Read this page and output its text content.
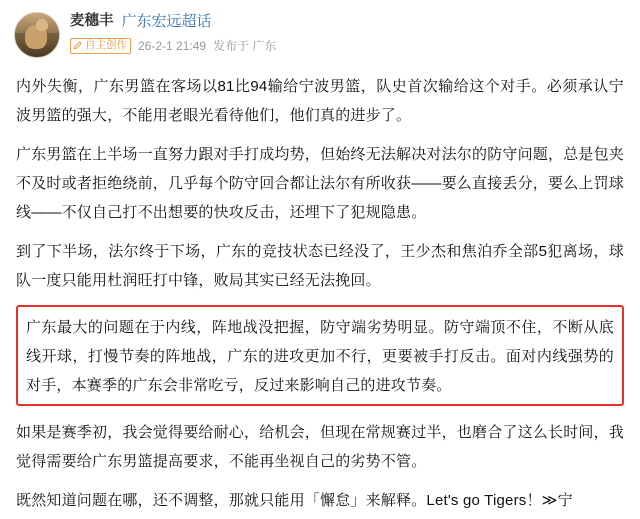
麦穗丰 广东宏远超话
自主创作 26-2-1 21:49 发布于 广东

内外失衡，广东男篮在客场以81比94输给宁波男篮，队史首次输给这个对手。必须承认宁波男篮的强大，不能用老眼光看待他们，他们真的进步了。

广东男篮在上半场一直努力跟对手打成均势，但始终无法解决对法尔的防守问题，总是包夹不及时或者拒绝绕前，几乎每个防守回合都让法尔有所收获——要么直接丢分，要么上罚球线——不仅自己打不出想要的快攻反击，还埋下了犯规隐患。

到了下半场，法尔终于下场，广东的竞技状态已经没了，王少杰和焦泊乔全部5犯离场，球队一度只能用杜润旺打中锋，败局其实已经无法挽回。

广东最大的问题在于内线，阵地战没把握，防守端劣势明显。防守端顶不住，不断从底线开球，打慢节奏的阵地战，广东的进攻更加不行，更要被手打反击。面对内线强势的对手，本赛季的广东会非常吃亏，反过来影响自己的进攻节奏。

如果是赛季初，我会觉得要给耐心，给机会，但现在常规赛过半，也磨合了这么长时间，我觉得需要给广东男篮提高要求，不能再坐视自己的劣势不管。

既然知道问题在哪，还不调整，那就只能用「懈怠」来解释。Let's go Tigers！≫宁
